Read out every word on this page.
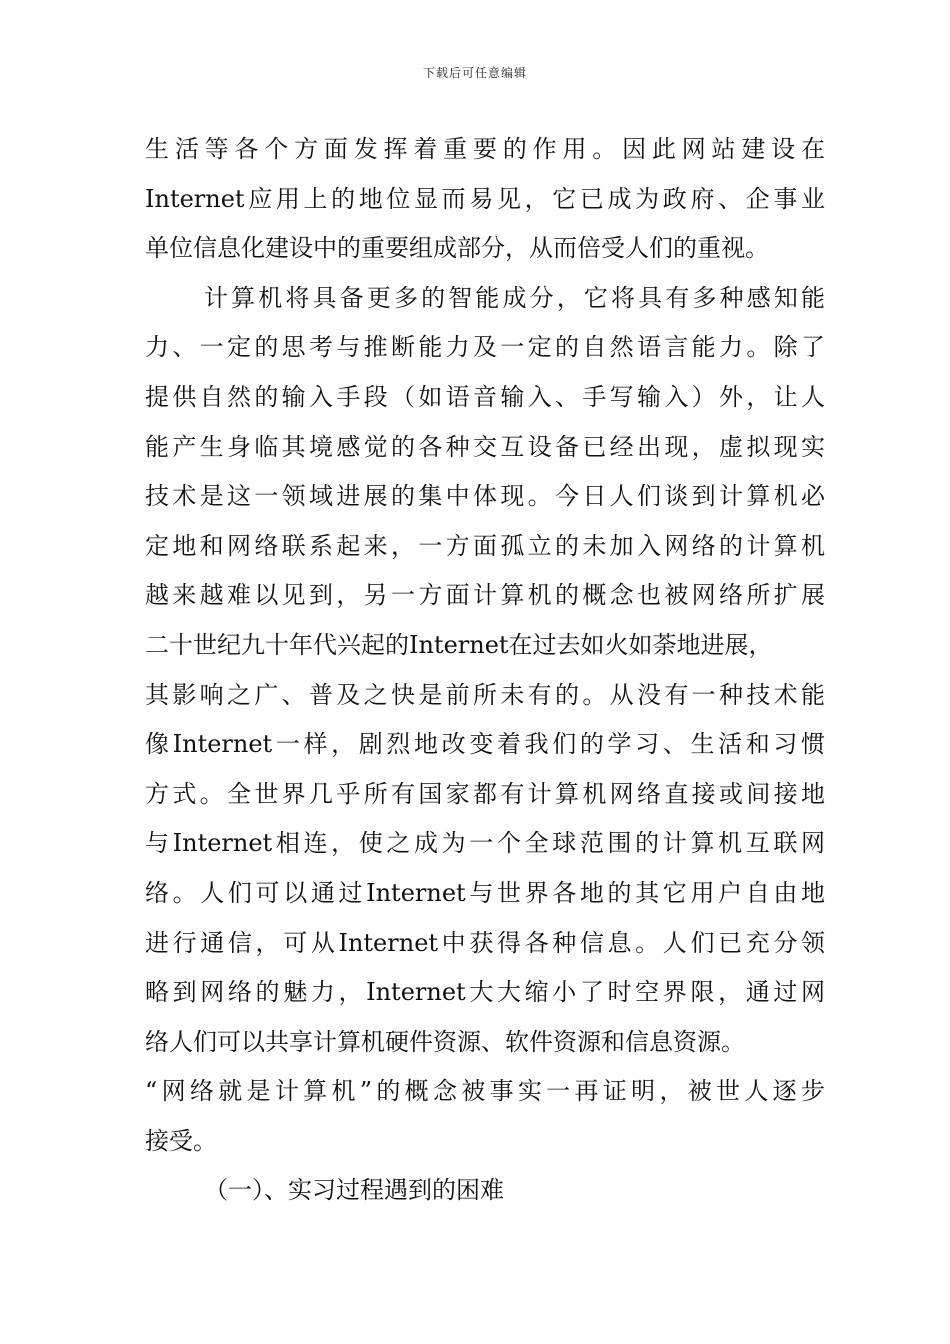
下载后可任意编辑
生活等各个方面发挥着重要的作用。因此网站建设在
Internet应用上的地位显而易见，它已成为政府、企事业
单位信息化建设中的重要组成部分，从而倍受人们的重视。
计算机将具备更多的智能成分，它将具有多种感知能
力、一定的思考与推断能力及一定的自然语言能力。除了
提供自然的输入手段（如语音输入、手写输入）外，让人
能产生身临其境感觉的各种交互设备已经出现，虚拟现实
技术是这一领域进展的集中体现。今日人们谈到计算机必
定地和网络联系起来，一方面孤立的未加入网络的计算机
越来越难以见到，另一方面计算机的概念也被网络所扩展
二十世纪九十年代兴起的Internet在过去如火如荼地进展，
其影响之广、普及之快是前所未有的。从没有一种技术能
像Internet一样，剧烈地改变着我们的学习、生活和习惯
方式。全世界几乎所有国家都有计算机网络直接或间接地
与Internet相连，使之成为一个全球范围的计算机互联网
络。人们可以通过Internet与世界各地的其它用户自由地
进行通信，可从Internet中获得各种信息。人们已充分领
略到网络的魅力，Internet大大缩小了时空界限，通过网
络人们可以共享计算机硬件资源、软件资源和信息资源。
“网络就是计算机”的概念被事实一再证明，被世人逐步
接受。
（一）、实习过程遇到的困难
